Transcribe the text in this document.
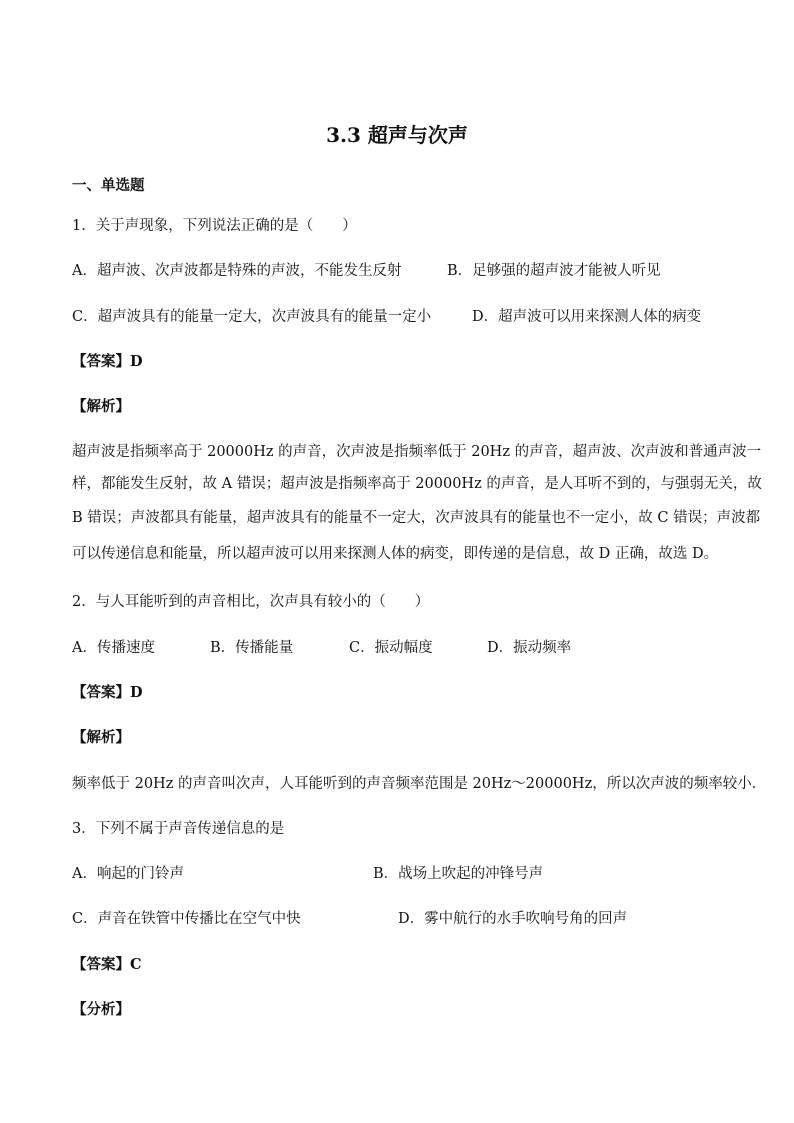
3.3 超声与次声
一、单选题
1．关于声现象，下列说法正确的是（　　）
A．超声波、次声波都是特殊的声波，不能发生反射	B．足够强的超声波才能被人听见
C．超声波具有的能量一定大，次声波具有的能量一定小	D．超声波可以用来探测人体的病变
【答案】D
【解析】
超声波是指频率高于 20000Hz 的声音，次声波是指频率低于 20Hz 的声音，超声波、次声波和普通声波一
样，都能发生反射，故 A 错误；超声波是指频率高于 20000Hz 的声音，是人耳听不到的，与强弱无关，故
B 错误；声波都具有能量，超声波具有的能量不一定大，次声波具有的能量也不一定小，故 C 错误；声波都
可以传递信息和能量，所以超声波可以用来探测人体的病变，即传递的是信息，故 D 正确，故选 D。
2．与人耳能听到的声音相比，次声具有较小的（　　）
A．传播速度	B．传播能量	C．振动幅度	D．振动频率
【答案】D
【解析】
频率低于 20Hz 的声音叫次声，人耳能听到的声音频率范围是 20Hz～20000Hz，所以次声波的频率较小．
3．下列不属于声音传递信息的是
A．响起的门铃声	B．战场上吹起的冲锋号声
C．声音在铁管中传播比在空气中快	D．雾中航行的水手吹响号角的回声
【答案】C
【分析】
